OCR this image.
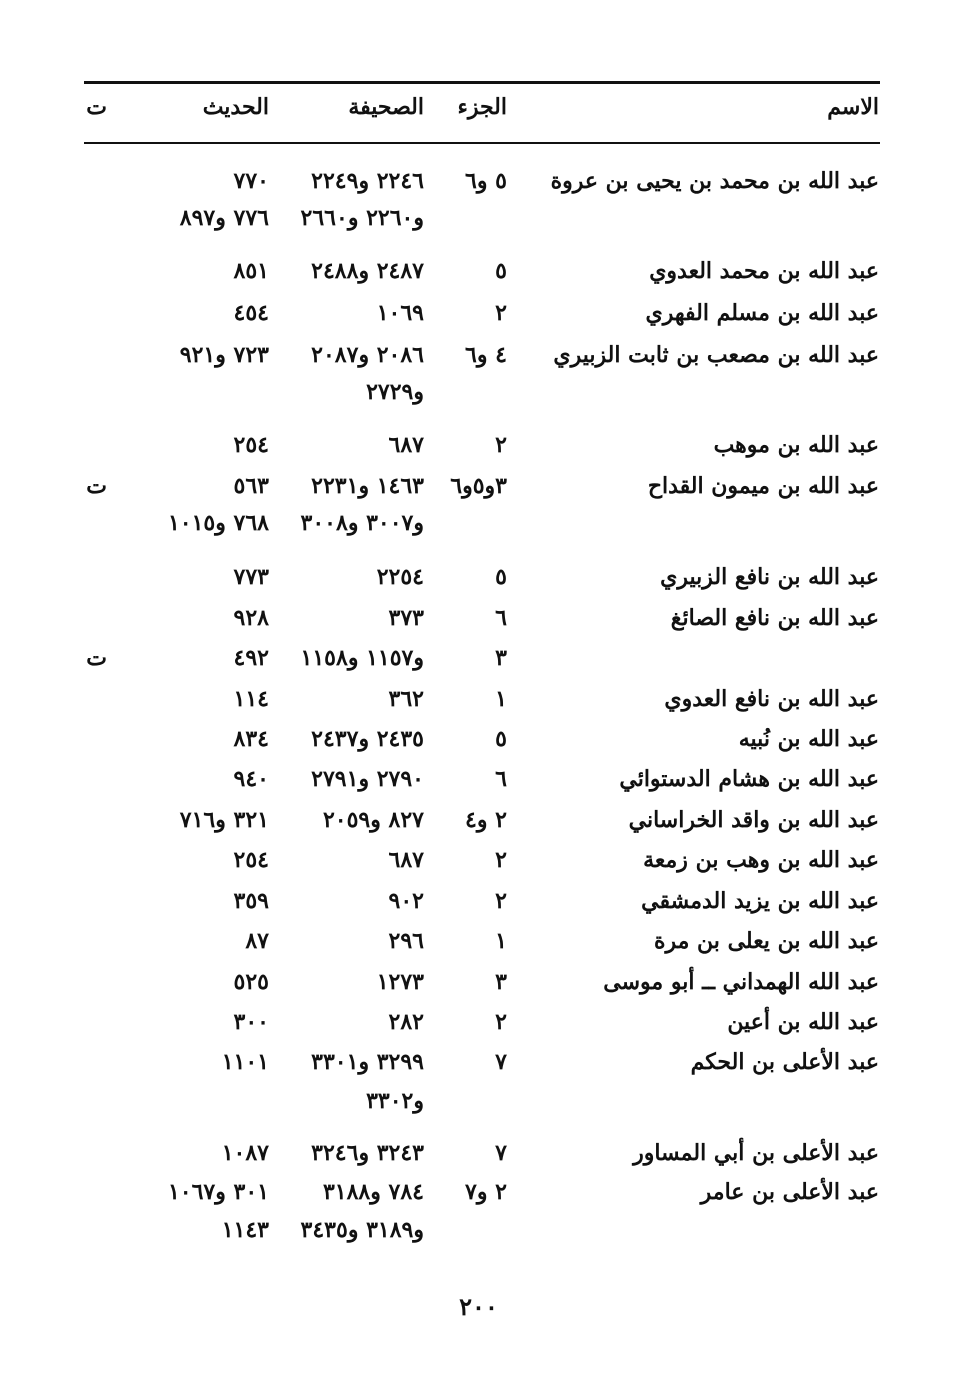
الاسم
الجزء
الصحيفة
الحديث
ت
عبد الله بن محمد بن يحيى بن عروة
٥ و٦
٢٢٤٦ و٢٢٤٩
٧٧٠
و٢٢٦٠ و٢٦٦٠
٧٧٦ و٨٩٧
عبد الله بن محمد العدوي
٥
٢٤٨٧ و٢٤٨٨
٨٥١
عبد الله بن مسلم الفهري
٢
١٠٦٩
٤٥٤
عبد الله بن مصعب بن ثابت الزبيري
٤ و٦
٢٠٨٦ و٢٠٨٧
٧٢٣ و٩٢١
و٢٧٢٩
عبد الله بن موهب
٢
٦٨٧
٢٥٤
عبد الله بن ميمون القداح
٣و٥و٦
١٤٦٣ و٢٢٣١
٥٦٣
ت
و٣٠٠٧ و٣٠٠٨
٧٦٨ و١٠١٥
عبد الله بن نافع الزبيري
٥
٢٢٥٤
٧٧٣
عبد الله بن نافع الصائغ
٦
٣٧٣
٩٢٨
٣
و١١٥٧ و١١٥٨
٤٩٢
ت
عبد الله بن نافع العدوي
١
٣٦٢
١١٤
عبد الله بن نُبيه
٥
٢٤٣٥ و٢٤٣٧
٨٣٤
عبد الله بن هشام الدستوائي
٦
٢٧٩٠ و٢٧٩١
٩٤٠
عبد الله بن واقد الخراساني
٢ و٤
٨٢٧ و٢٠٥٩
٣٢١ و٧١٦
عبد الله بن وهب بن زمعة
٢
٦٨٧
٢٥٤
عبد الله بن يزيد الدمشقي
٢
٩٠٢
٣٥٩
عبد الله بن يعلى بن مرة
١
٢٩٦
٨٧
عبد الله الهمداني ــ أبو موسى
٣
١٢٧٣
٥٢٥
عبد الله بن أعين
٢
٢٨٢
٣٠٠
عبد الأعلى بن الحكم
٧
٣٢٩٩ و٣٣٠١
١١٠١
و٣٣٠٢
عبد الأعلى بن أبي المساور
٧
٣٢٤٣ و٣٢٤٦
١٠٨٧
عبد الأعلى بن عامر
٢ و٧
٧٨٤ و٣١٨٨
٣٠١ و١٠٦٧
و٣١٨٩ و٣٤٣٥
١١٤٣
٢٠٠
